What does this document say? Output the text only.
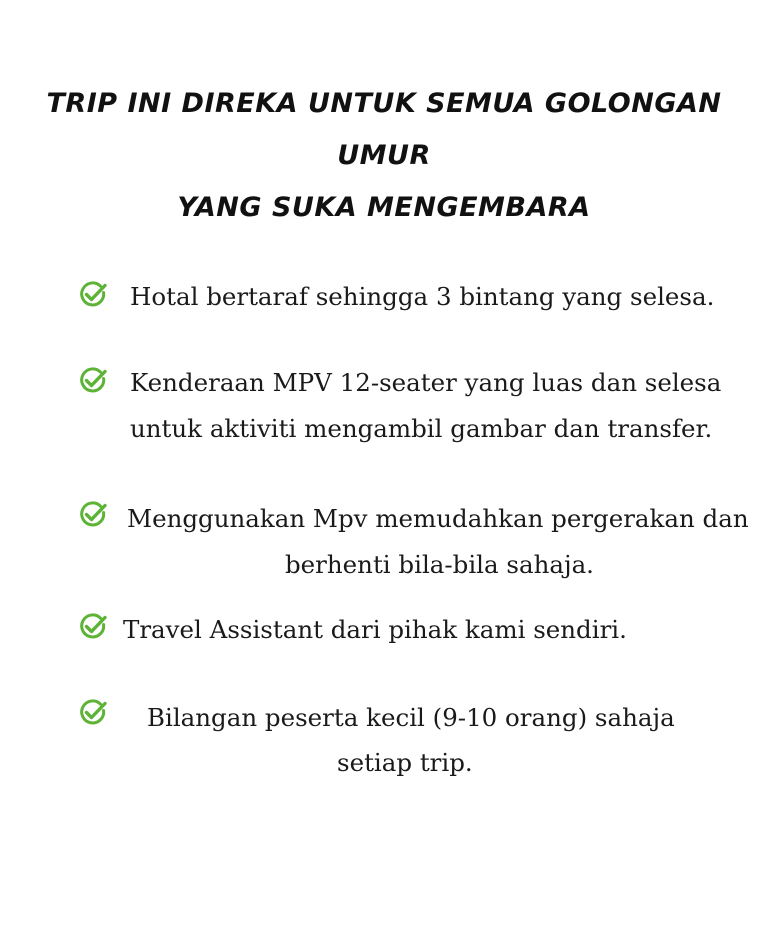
TRIP INI DIREKA UNTUK SEMUA GOLONGAN UMUR
YANG SUKA MENGEMBARA
Hotal bertaraf sehingga 3 bintang yang selesa.
Kenderaan MPV 12-seater yang luas dan selesa
untuk aktiviti mengambil gambar dan transfer.
Menggunakan Mpv memudahkan pergerakan dan
berhenti bila-bila sahaja.
Travel Assistant dari pihak kami sendiri.
Bilangan peserta kecil (9-10 orang) sahaja
setiap trip.
